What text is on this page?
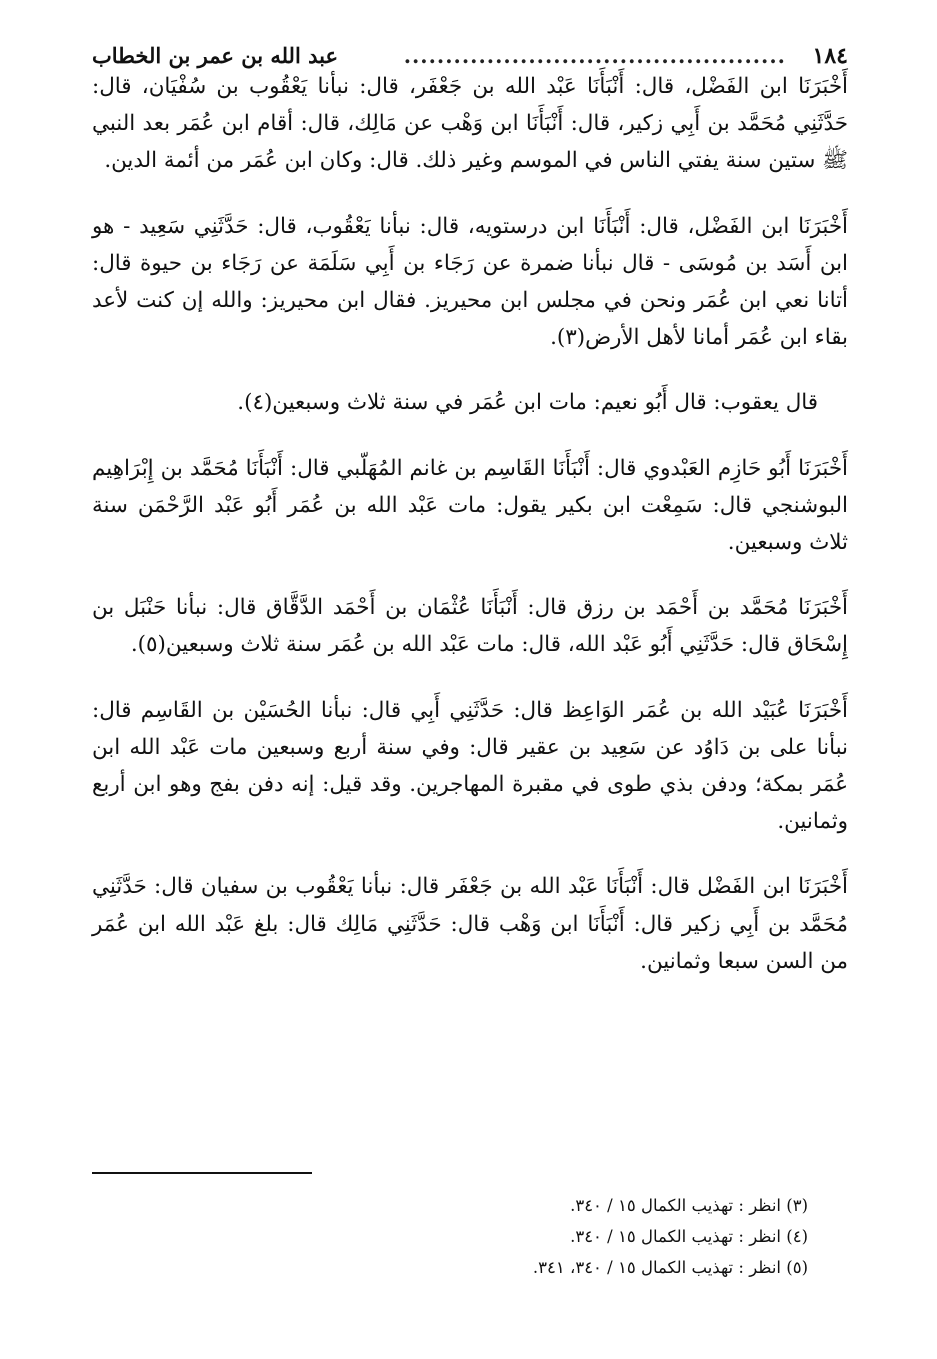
١٨٤
..............................................
عبد الله بن عمر بن الخطاب

أَخْبَرَنَا ابن الفَضْل، قال: أَنْبَأَنَا عَبْد الله بن جَعْفَر، قال: نبأنا يَعْقُوب بن سُفْيَان، قال: حَدَّثَنِي مُحَمَّد بن أَبِي زكير، قال: أَنْبَأَنَا ابن وَهْب عن مَالِك، قال: أقام ابن عُمَر بعد النبي ﷺ ستين سنة يفتي الناس في الموسم وغير ذلك. قال: وكان ابن عُمَر من أئمة الدين.

أَخْبَرَنَا ابن الفَضْل، قال: أَنْبَأَنَا ابن درستويه، قال: نبأنا يَعْقُوب، قال: حَدَّثَنِي سَعِيد - هو ابن أَسَد بن مُوسَى - قال نبأنا ضمرة عن رَجَاء بن أَبِي سَلَمَة عن رَجَاء بن حيوة قال: أتانا نعي ابن عُمَر ونحن في مجلس ابن محيريز. فقال ابن محيريز: والله إن كنت لأعد بقاء ابن عُمَر أمانا لأهل الأرض(٣).

قال يعقوب: قال أَبُو نعيم: مات ابن عُمَر في سنة ثلاث وسبعين(٤).

أَخْبَرَنَا أَبُو حَازِم العَبْدوي قال: أَنْبَأَنَا القَاسِم بن غانم المُهَلّبي قال: أَنْبَأَنَا مُحَمَّد بن إِبْرَاهِيم البوشنجي قال: سَمِعْت ابن بكير يقول: مات عَبْد الله بن عُمَر أَبُو عَبْد الرَّحْمَن سنة ثلاث وسبعين.

أَخْبَرَنَا مُحَمَّد بن أَحْمَد بن رزق قال: أَنْبَأَنَا عُثْمَان بن أَحْمَد الدَّقَّاق قال: نبأنا حَنْبَل بن إِسْحَاق قال: حَدَّثَنِي أَبُو عَبْد الله، قال: مات عَبْد الله بن عُمَر سنة ثلاث وسبعين(٥).

أَخْبَرَنَا عُبَيْد الله بن عُمَر الوَاعِظ قال: حَدَّثَنِي أَبِي قال: نبأنا الحُسَيْن بن القَاسِم قال: نبأنا على بن دَاوُد عن سَعِيد بن عقير قال: وفي سنة أربع وسبعين مات عَبْد الله ابن عُمَر بمكة؛ ودفن بذي طوى في مقبرة المهاجرين. وقد قيل: إنه دفن بفج وهو ابن أربع وثمانين.

أَخْبَرَنَا ابن الفَضْل قال: أَنْبَأَنَا عَبْد الله بن جَعْفَر قال: نبأنا يَعْقُوب بن سفيان قال: حَدَّثَنِي مُحَمَّد بن أَبِي زكير قال: أَنْبَأَنَا ابن وَهْب قال: حَدَّثَنِي مَالِك قال: بلغ عَبْد الله ابن عُمَر من السن سبعا وثمانين.

(٣) انظر : تهذيب الكمال ١٥ / ٣٤٠.

(٤) انظر : تهذيب الكمال ١٥ / ٣٤٠.

(٥) انظر : تهذيب الكمال ١٥ / ٣٤٠، ٣٤١.
